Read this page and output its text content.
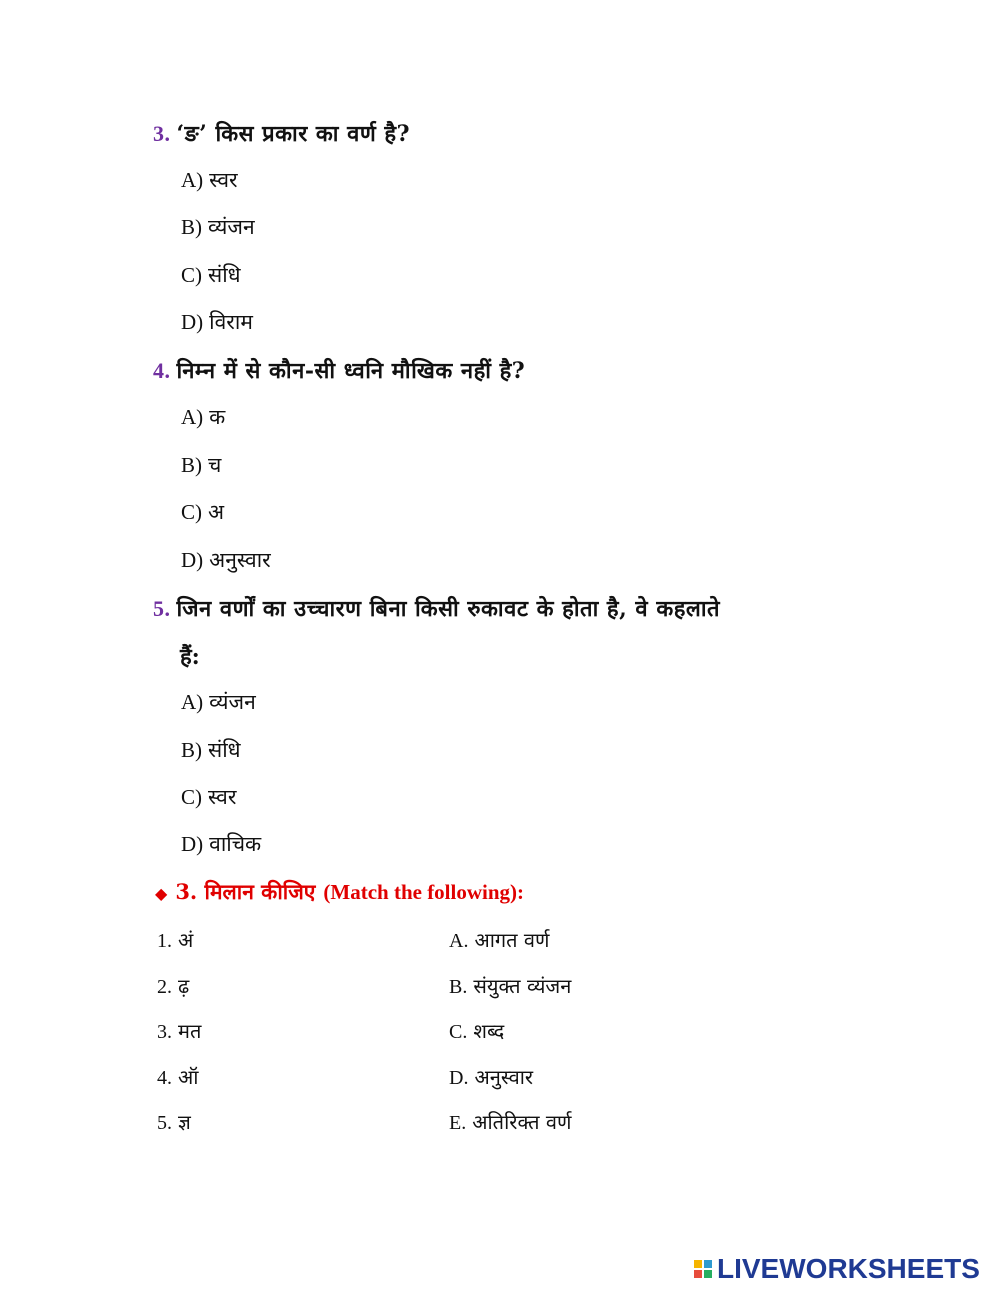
3. ‘ङ’ किस प्रकार का वर्ण है?
A) स्वर
B) व्यंजन
C) संधि
D) विराम
4. निम्न में से कौन-सी ध्वनि मौखिक नहीं है?
A) क
B) च
C) अ
D) अनुस्वार
5. जिन वर्णों का उच्चारण बिना किसी रुकावट के होता है, वे कहलाते
हैं:
A) व्यंजन
B) संधि
C) स्वर
D) वाचिक
◆ 3. मिलान कीजिए (Match the following):
1. अं
2. ढ़
3. मत
4. ऑ
5. ज्ञ
A. आगत वर्ण
B. संयुक्त व्यंजन
C. शब्द
D. अनुस्वार
E. अतिरिक्त वर्ण
LIVEWORKSHEETS
